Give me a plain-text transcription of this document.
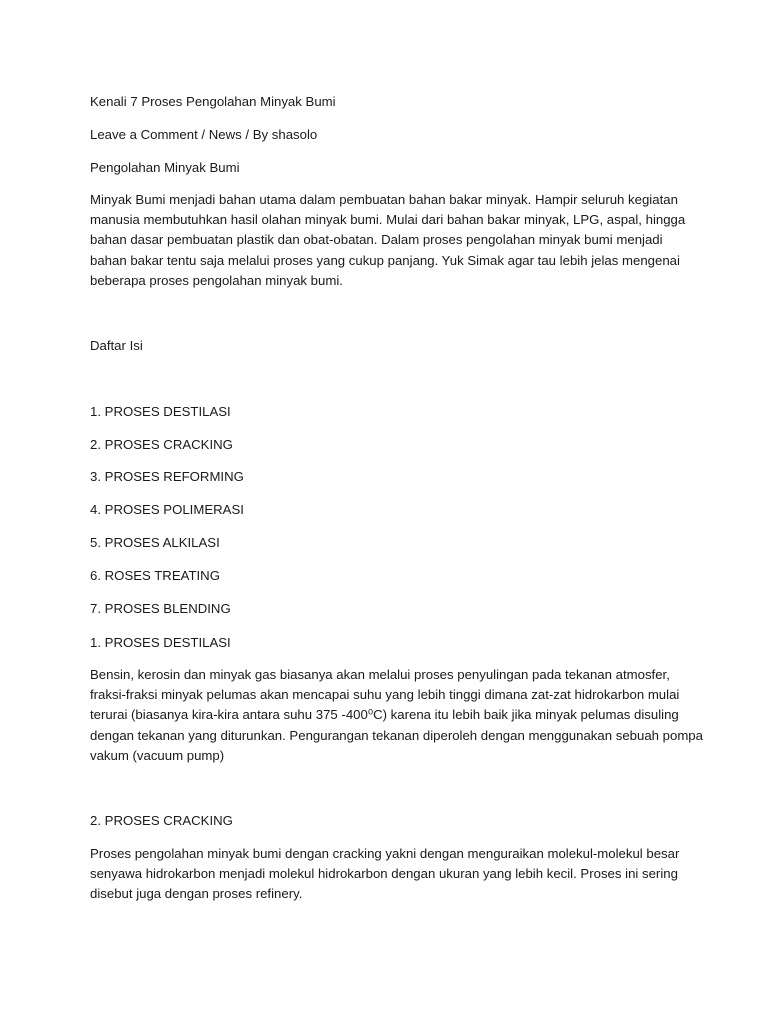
Kenali 7 Proses Pengolahan Minyak Bumi

Leave a Comment / News / By shasolo

Pengolahan Minyak Bumi

Minyak Bumi menjadi bahan utama dalam pembuatan bahan bakar minyak. Hampir seluruh kegiatan
manusia membutuhkan hasil olahan minyak bumi. Mulai dari bahan bakar minyak, LPG, aspal, hingga
bahan dasar pembuatan plastik dan obat-obatan. Dalam proses pengolahan minyak bumi menjadi
bahan bakar tentu saja melalui proses yang cukup panjang. Yuk Simak agar tau lebih jelas mengenai
beberapa proses pengolahan minyak bumi.

Daftar Isi

1. PROSES DESTILASI

2. PROSES CRACKING

3. PROSES REFORMING

4. PROSES POLIMERASI

5. PROSES ALKILASI

6. ROSES TREATING

7. PROSES BLENDING

1. PROSES DESTILASI

Bensin, kerosin dan minyak gas biasanya akan melalui proses penyulingan pada tekanan atmosfer,
fraksi-fraksi minyak pelumas akan mencapai suhu yang lebih tinggi dimana zat-zat hidrokarbon mulai
terurai (biasanya kira-kira antara suhu 375 -400⁰C) karena itu lebih baik jika minyak pelumas disuling
dengan tekanan yang diturunkan. Pengurangan tekanan diperoleh dengan menggunakan sebuah pompa
vakum (vacuum pump)

2. PROSES CRACKING

Proses pengolahan minyak bumi dengan cracking yakni dengan menguraikan molekul-molekul besar
senyawa hidrokarbon menjadi molekul hidrokarbon dengan ukuran yang lebih kecil. Proses ini sering
disebut juga dengan proses refinery.
